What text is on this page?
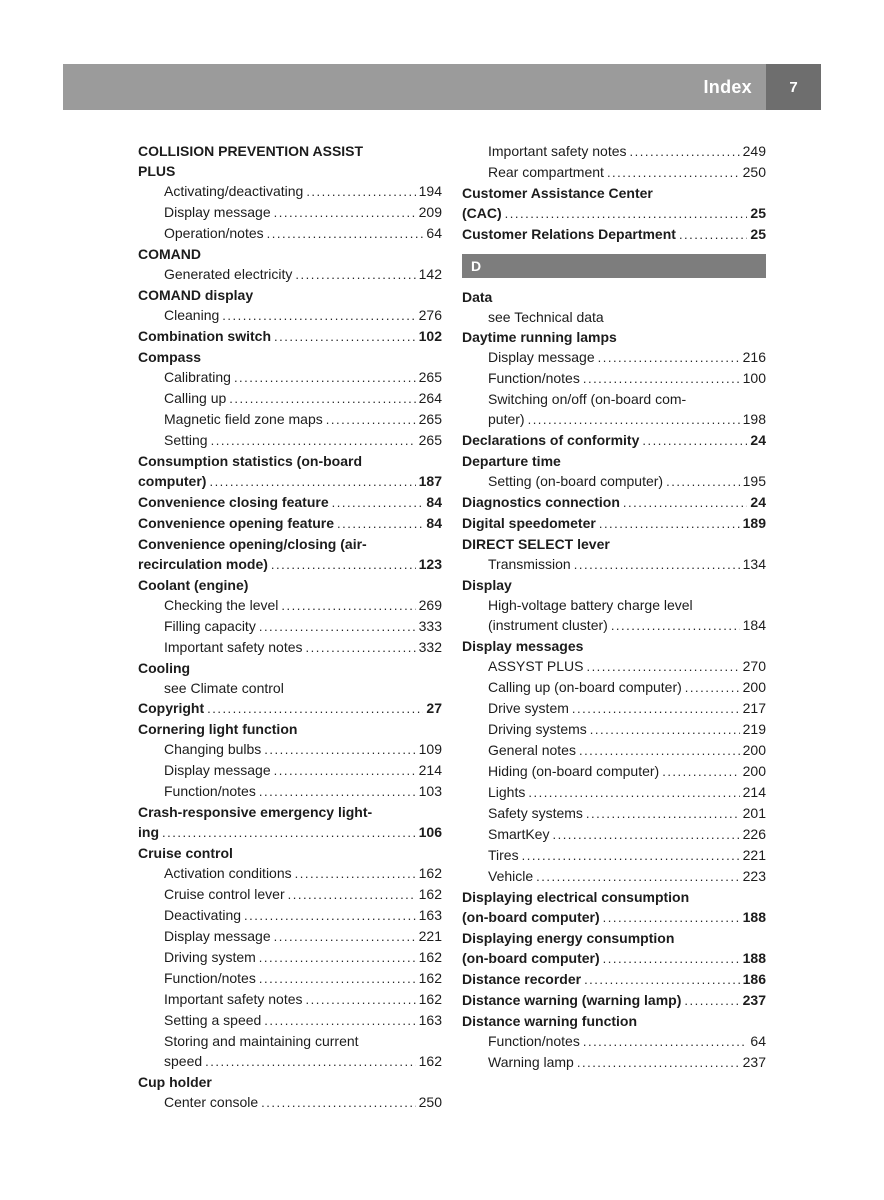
Index 7
COLLISION PREVENTION ASSIST
PLUS
Activating/deactivating .....	194
Display message .....	209
Operation/notes .....	64
COMAND
Generated electricity .....	142
COMAND display
Cleaning .....	276
Combination switch .....	102
Compass
Calibrating .....	265
Calling up .....	264
Magnetic field zone maps .....	265
Setting .....	265
Consumption statistics (on-board
computer) .....	187
Convenience closing feature .....	84
Convenience opening feature .....	84
Convenience opening/closing (air-
recirculation mode) .....	123
Coolant (engine)
Checking the level .....	269
Filling capacity .....	333
Important safety notes .....	332
Cooling
see Climate control
Copyright .....	27
Cornering light function
Changing bulbs .....	109
Display message .....	214
Function/notes .....	103
Crash-responsive emergency light-
ing .....	106
Cruise control
Activation conditions .....	162
Cruise control lever .....	162
Deactivating .....	163
Display message .....	221
Driving system .....	162
Function/notes .....	162
Important safety notes .....	162
Setting a speed .....	163
Storing and maintaining current
speed .....	162
Cup holder
Center console .....	250
Important safety notes .....	249
Rear compartment .....	250
Customer Assistance Center
(CAC) .....	25
Customer Relations Department .....	25
D
Data
see Technical data
Daytime running lamps
Display message .....	216
Function/notes .....	100
Switching on/off (on-board com-
puter) .....	198
Declarations of conformity .....	24
Departure time
Setting (on-board computer) .....	195
Diagnostics connection .....	24
Digital speedometer .....	189
DIRECT SELECT lever
Transmission .....	134
Display
High-voltage battery charge level
(instrument cluster) .....	184
Display messages
ASSYST PLUS .....	270
Calling up (on-board computer) .....	200
Drive system .....	217
Driving systems .....	219
General notes .....	200
Hiding (on-board computer) .....	200
Lights .....	214
Safety systems .....	201
SmartKey .....	226
Tires .....	221
Vehicle .....	223
Displaying electrical consumption
(on-board computer) .....	188
Displaying energy consumption
(on-board computer) .....	188
Distance recorder .....	186
Distance warning (warning lamp) .....	237
Distance warning function
Function/notes .....	64
Warning lamp .....	237
